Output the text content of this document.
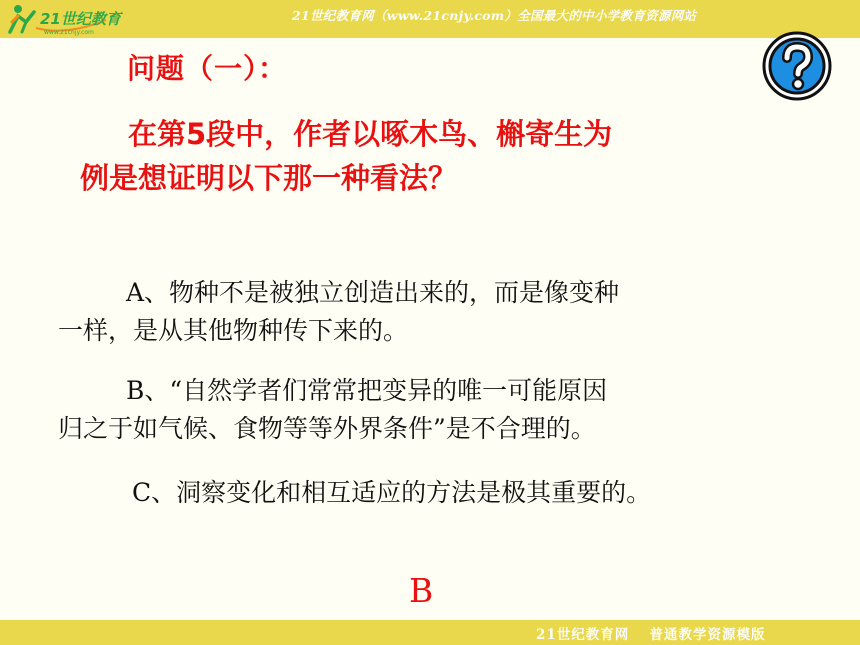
21世纪教育
www.21cnjy.com
21世纪教育网（www.21cnjy.com）全国最大的中小学教育资源网站
问题（一）：
在第5段中，作者以啄木鸟、槲寄生为
例是想证明以下那一种看法？
A、物种不是被独立创造出来的，而是像变种
一样，是从其他物种传下来的。
B、“自然学者们常常把变异的唯一可能原因
归之于如气候、食物等等外界条件”是不合理的。
C、洞察变化和相互适应的方法是极其重要的。
B
21世纪教育网　 普通教学资源模版
